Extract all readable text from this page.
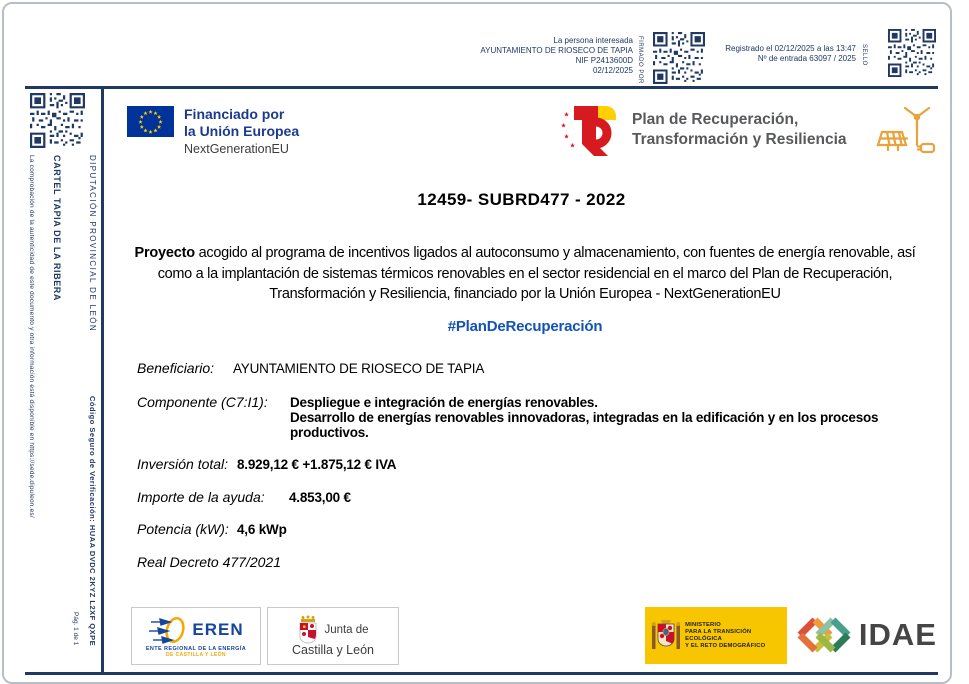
La persona interesada
AYUNTAMIENTO DE RIOSECO DE TAPIA
NIF P2413600D
02/12/2025 FIRMADO POR	Registrado el 02/12/2025 a las 13:47
Nº de entrada 63097 / 2025 SELLO
DIPUTACIÓN PROVINCIAL DE LEÓN
CARTEL TAPIA DE LA RIBERA
La comprobación de la autenticidad de este documento y otra información está disponible en https://sede.dipuleon.es/
Código Seguro de Verificación: HUAA DVDC 2KYZ L2XF QXPE
Pág. 1 de 1
Financiado por
la Unión Europea
NextGenerationEU
Plan de Recuperación,
Transformación y Resiliencia
12459- SUBRD477 - 2022
Proyecto acogido al programa de incentivos ligados al autoconsumo y almacenamiento, con fuentes de energía renovable, así como a la implantación de sistemas térmicos renovables en el sector residencial en el marco del Plan de Recuperación, Transformación y Resiliencia, financiado por la Unión Europea - NextGenerationEU
#PlanDeRecuperación
Beneficiario:	AYUNTAMIENTO DE RIOSECO DE TAPIA
Componente (C7:I1):	Despliegue e integración de energías renovables.
Desarrollo de energías renovables innovadoras, integradas en la edificación y en los procesos productivos.
Inversión total: 8.929,12 € +1.875,12 € IVA
Importe de la ayuda:	4.853,00 €
Potencia (kW): 4,6 kWp
Real Decreto 477/2021
EREN
ENTE REGIONAL DE LA ENERGÍA
DE CASTILLA Y LEÓN
Junta de
Castilla y León
MINISTERIO
PARA LA TRANSICIÓN ECOLÓGICA
Y EL RETO DEMOGRÁFICO	IDAE
